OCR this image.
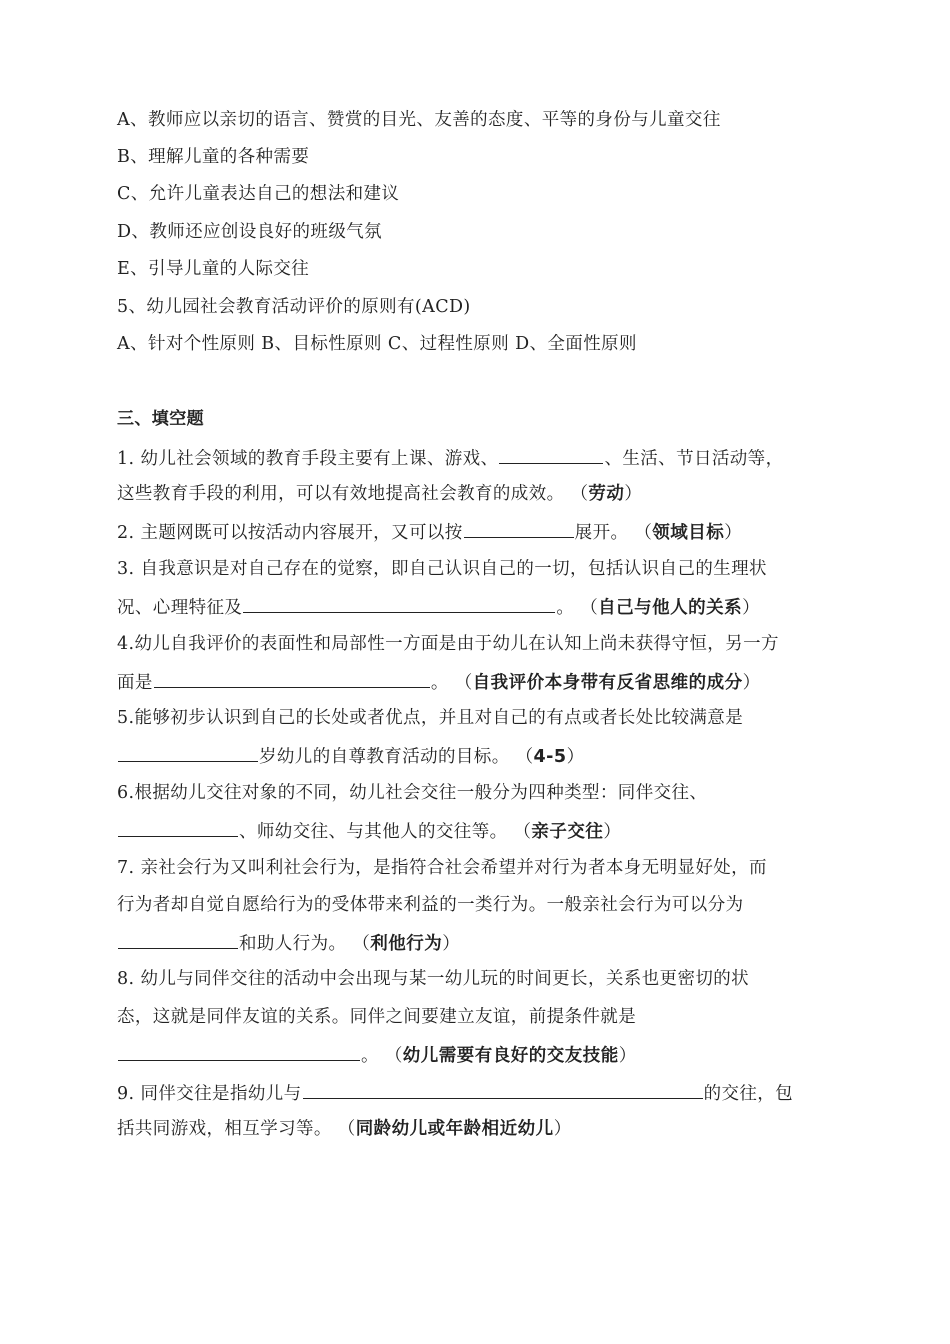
A、教师应以亲切的语言、赞赏的目光、友善的态度、平等的身份与儿童交往
B、理解儿童的各种需要
C、允许儿童表达自己的想法和建议
D、教师还应创设良好的班级气氛
E、引导儿童的人际交往
5、幼儿园社会教育活动评价的原则有(ACD)
A、针对个性原则 B、目标性原则 C、过程性原则 D、全面性原则
三、填空题
1. 幼儿社会领域的教育手段主要有上课、游戏、	、生活、节日活动等，
这些教育手段的利用，可以有效地提高社会教育的成效。 （劳动）
2. 主题网既可以按活动内容展开，又可以按	展开。 （领域目标）
3. 自我意识是对自己存在的觉察，即自己认识自己的一切，包括认识自己的生理状
况、心理特征及	。 （自己与他人的关系）
4.幼儿自我评价的表面性和局部性一方面是由于幼儿在认知上尚未获得守恒，另一方
面是	。 （自我评价本身带有反省思维的成分）
5.能够初步认识到自己的长处或者优点，并且对自己的有点或者长处比较满意是
岁幼儿的自尊教育活动的目标。 （4-5）
6.根据幼儿交往对象的不同，幼儿社会交往一般分为四种类型：同伴交往、
、师幼交往、与其他人的交往等。 （亲子交往）
7. 亲社会行为又叫利社会行为，是指符合社会希望并对行为者本身无明显好处，而
行为者却自觉自愿给行为的受体带来利益的一类行为。一般亲社会行为可以分为
和助人行为。 （利他行为）
8. 幼儿与同伴交往的活动中会出现与某一幼儿玩的时间更长，关系也更密切的状
态，这就是同伴友谊的关系。同伴之间要建立友谊，前提条件就是
。 （幼儿需要有良好的交友技能）
9. 同伴交往是指幼儿与	的交往，包
括共同游戏，相互学习等。 （同龄幼儿或年龄相近幼儿）
